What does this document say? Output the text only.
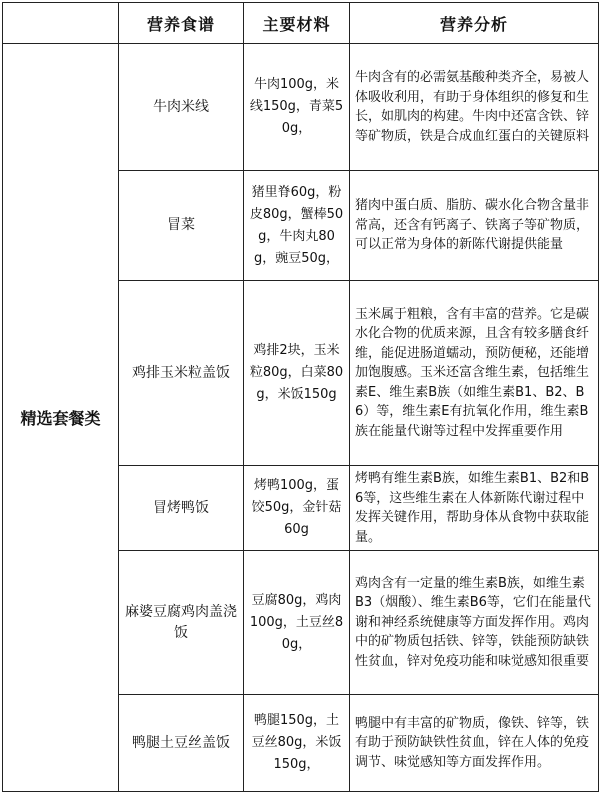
	营养食谱	主要材料	营养分析
精选套餐类	牛肉米线	牛肉100g，米线150g，青菜50g，	牛肉含有的必需氨基酸种类齐全，易被人体吸收利用，有助于身体组织的修复和生长，如肌肉的构建。牛肉中还富含铁、锌等矿物质，铁是合成血红蛋白的关键原料
	冒菜	猪里脊60g，粉皮80g，蟹棒50g，牛肉丸80g，豌豆50g，	猪肉中蛋白质、脂肪、碳水化合物含量非常高，还含有钙离子、铁离子等矿物质，可以正常为身体的新陈代谢提供能量
	鸡排玉米粒盖饭	鸡排2块，玉米粒80g，白菜80g，米饭150g	玉米属于粗粮，含有丰富的营养。它是碳水化合物的优质来源，且含有较多膳食纤维，能促进肠道蠕动，预防便秘，还能增加饱腹感。玉米还富含维生素，包括维生素E、维生素B族（如维生素B1、B2、B6）等，维生素E有抗氧化作用，维生素B族在能量代谢等过程中发挥重要作用
	冒烤鸭饭	烤鸭100g，蛋饺50g，金针菇60g	烤鸭有维生素B族，如维生素B1、B2和B6等，这些维生素在人体新陈代谢过程中发挥关键作用，帮助身体从食物中获取能量。
	麻婆豆腐鸡肉盖浇饭	豆腐80g，鸡肉100g，土豆丝80g，	鸡肉含有一定量的维生素B族，如维生素B3（烟酸）、维生素B6等，它们在能量代谢和神经系统健康等方面发挥作用。鸡肉中的矿物质包括铁、锌等，铁能预防缺铁性贫血，锌对免疫功能和味觉感知很重要
	鸭腿土豆丝盖饭	鸭腿150g，土豆丝80g，米饭150g，	鸭腿中有丰富的矿物质，像铁、锌等，铁有助于预防缺铁性贫血，锌在人体的免疫调节、味觉感知等方面发挥作用。
